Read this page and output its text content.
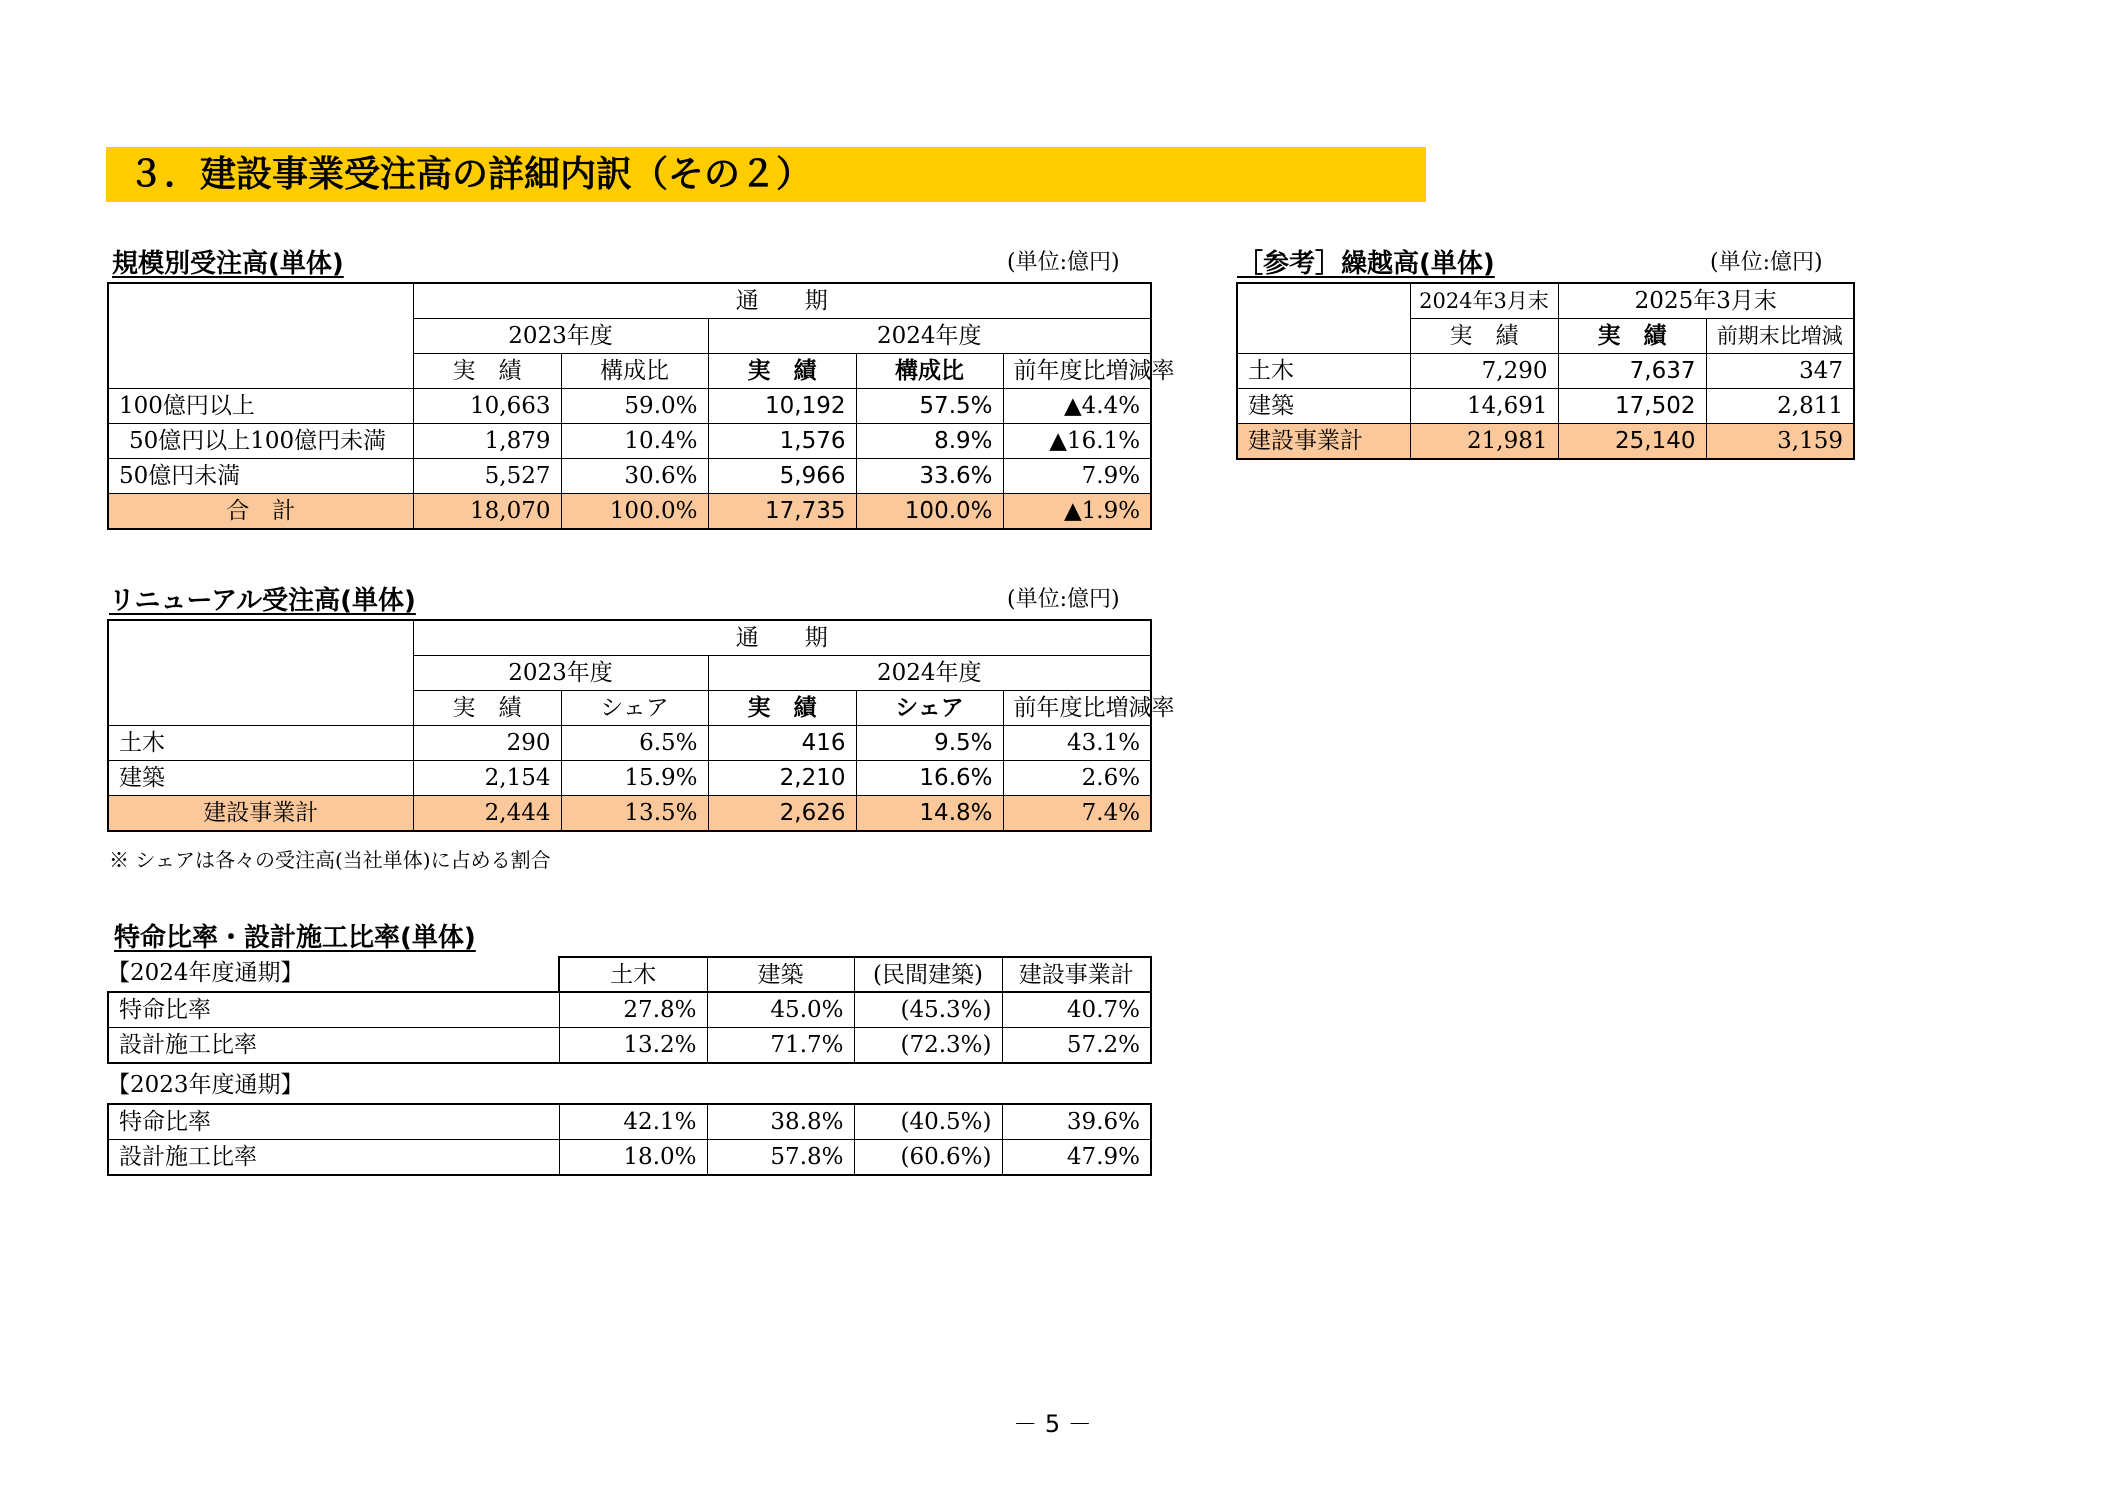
３．建設事業受注高の詳細内訳（その２）
規模別受注高(単体)	(単位:億円)
	通　　期				
	2023年度		2024年度		
	実　績	構成比	実　績	構成比	前年度比増減率
100億円以上	10,663	59.0%	10,192	57.5%	▲4.4%
50億円以上100億円未満	1,879	10.4%	1,576	8.9%	▲16.1%
50億円未満	5,527	30.6%	5,966	33.6%	7.9%
合　計	18,070	100.0%	17,735	100.0%	▲1.9%
［参考］繰越高(単体)	(単位:億円)
	2024年3月末	2025年3月末	
	実　績	実　績	前期末比増減
土木	7,290	7,637	347
建築	14,691	17,502	2,811
建設事業計	21,981	25,140	3,159
リニューアル受注高(単体)	(単位:億円)
	通　　期				
	2023年度		2024年度		
	実　績	シェア	実　績	シェア	前年度比増減率
土木	290	6.5%	416	9.5%	43.1%
建築	2,154	15.9%	2,210	16.6%	2.6%
建設事業計	2,444	13.5%	2,626	14.8%	7.4%
※ シェアは各々の受注高(当社単体)に占める割合
特命比率・設計施工比率(単体)
【2024年度通期】	土木	建築	(民間建築)	建設事業計
特命比率	27.8%	45.0%	(45.3%)	40.7%
設計施工比率	13.2%	71.7%	(72.3%)	57.2%
【2023年度通期】
特命比率	42.1%	38.8%	(40.5%)	39.6%
設計施工比率	18.0%	57.8%	(60.6%)	47.9%
－ 5 －
